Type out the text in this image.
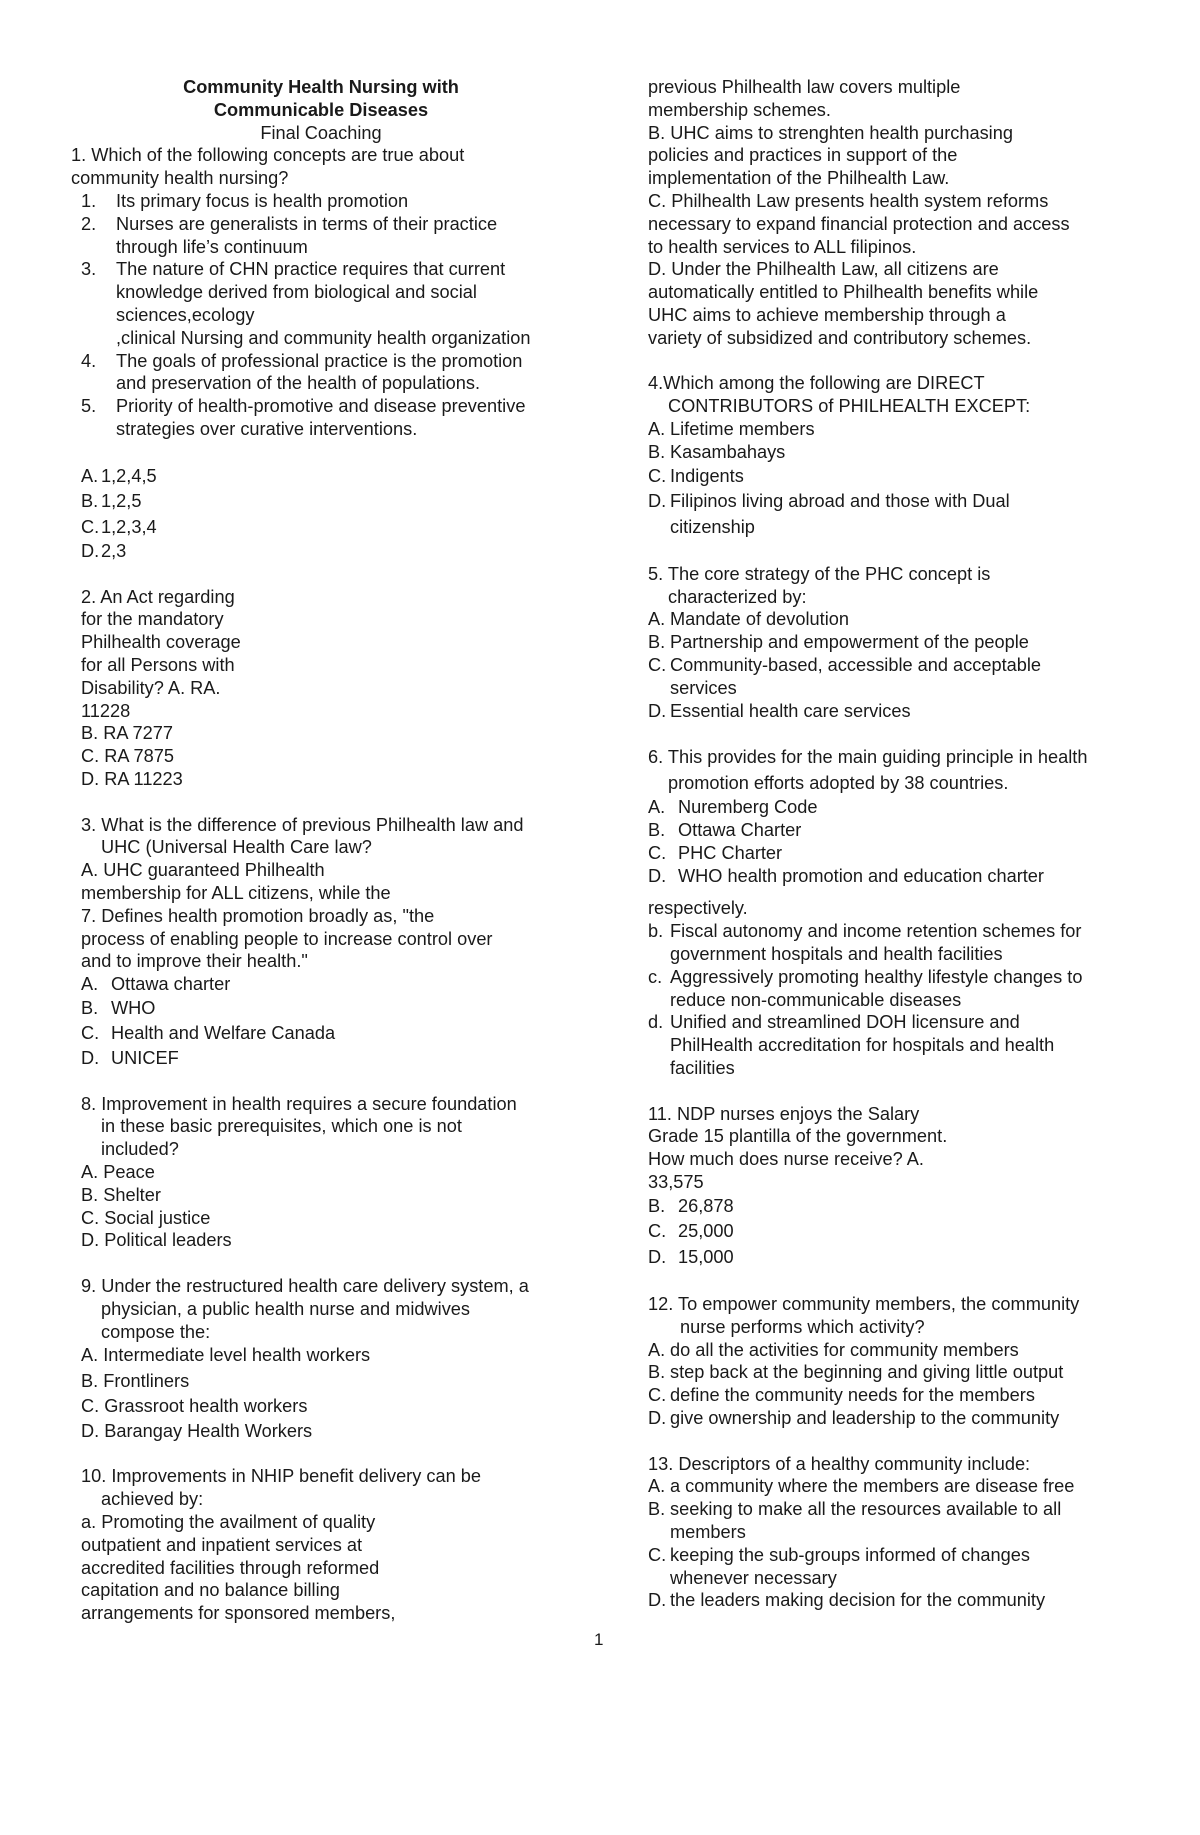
Community Health Nursing with
Communicable Diseases
Final Coaching
1. Which of the following concepts are true about
community health nursing?
1. Its primary focus is health promotion
2. Nurses are generalists in terms of their practice
through life’s continuum
3. The nature of CHN practice requires that current
knowledge derived from biological and social
sciences,ecology
,clinical Nursing and community health organization
4. The goals of professional practice is the promotion
and preservation of the health of populations.
5. Priority of health-promotive and disease preventive
strategies over curative interventions.
A. 1,2,4,5
B. 1,2,5
C. 1,2,3,4
D. 2,3
2. An Act regarding
for the mandatory
Philhealth coverage
for all Persons with
Disability? A. RA.
11228
B. RA 7277
C. RA 7875
D. RA 11223
3. What is the difference of previous Philhealth law and
UHC (Universal Health Care law?
A. UHC guaranteed Philhealth
membership for ALL citizens, while the
7. Defines health promotion broadly as, "the
process of enabling people to increase control over
and to improve their health."
A. Ottawa charter
B. WHO
C. Health and Welfare Canada
D. UNICEF
8. Improvement in health requires a secure foundation
in these basic prerequisites, which one is not
included?
A. Peace
B. Shelter
C. Social justice
D. Political leaders
9. Under the restructured health care delivery system, a
physician, a public health nurse and midwives
compose the:
A. Intermediate level health workers
B. Frontliners
C. Grassroot health workers
D. Barangay Health Workers
10. Improvements in NHIP benefit delivery can be
achieved by:
a. Promoting the availment of quality
outpatient and inpatient services at
accredited facilities through reformed
capitation and no balance billing
arrangements for sponsored members,
previous Philhealth law covers multiple
membership schemes.
B. UHC aims to strenghten health purchasing
policies and practices in support of the
implementation of the Philhealth Law.
C. Philhealth Law presents health system reforms
necessary to expand financial protection and access
to health services to ALL filipinos.
D. Under the Philhealth Law, all citizens are
automatically entitled to Philhealth benefits while
UHC aims to achieve membership through a
variety of subsidized and contributory schemes.
4.Which among the following are DIRECT
CONTRIBUTORS of PHILHEALTH EXCEPT:
A. Lifetime members
B. Kasambahays
C. Indigents
D. Filipinos living abroad and those with Dual
citizenship
5. The core strategy of the PHC concept is
characterized by:
A. Mandate of devolution
B. Partnership and empowerment of the people
C. Community-based, accessible and acceptable
services
D. Essential health care services
6. This provides for the main guiding principle in health
promotion efforts adopted by 38 countries.
A. Nuremberg Code
B. Ottawa Charter
C. PHC Charter
D. WHO health promotion and education charter
respectively.
b. Fiscal autonomy and income retention schemes for
government hospitals and health facilities
c. Aggressively promoting healthy lifestyle changes to
reduce non-communicable diseases
d. Unified and streamlined DOH licensure and
PhilHealth accreditation for hospitals and health
facilities
11. NDP nurses enjoys the Salary
Grade 15 plantilla of the government.
How much does nurse receive? A.
33,575
B. 26,878
C. 25,000
D. 15,000
12. To empower community members, the community
nurse performs which activity?
A. do all the activities for community members
B. step back at the beginning and giving little output
C. define the community needs for the members
D. give ownership and leadership to the community
13. Descriptors of a healthy community include:
A. a community where the members are disease free
B. seeking to make all the resources available to all
members
C. keeping the sub-groups informed of changes
whenever necessary
D. the leaders making decision for the community
1
